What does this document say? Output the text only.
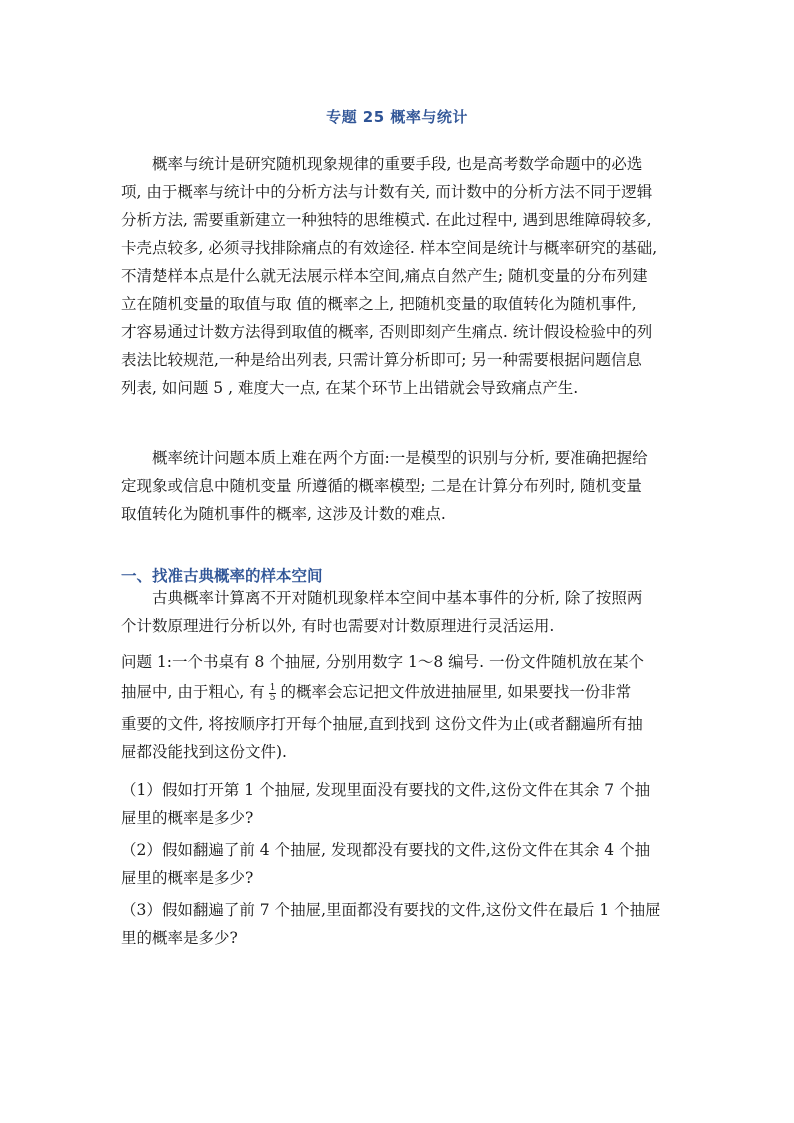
专题 25 概率与统计
概率与统计是研究随机现象规律的重要手段, 也是高考数学命题中的必选
项, 由于概率与统计中的分析方法与计数有关, 而计数中的分析方法不同于逻辑
分析方法, 需要重新建立一种独特的思维模式. 在此过程中, 遇到思维障碍较多,
卡壳点较多, 必须寻找排除痛点的有效途径. 样本空间是统计与概率研究的基础,
不清楚样本点是什么就无法展示样本空间,痛点自然产生; 随机变量的分布列建
立在随机变量的取值与取 值的概率之上, 把随机变量的取值转化为随机事件,
才容易通过计数方法得到取值的概率, 否则即刻产生痛点. 统计假设检验中的列
表法比较规范,一种是给出列表, 只需计算分析即可; 另一种需要根据问题信息
列表, 如问题 5 , 难度大一点, 在某个环节上出错就会导致痛点产生.
概率统计问题本质上难在两个方面:一是模型的识别与分析, 要准确把握给
定现象或信息中随机变量 所遵循的概率模型; 二是在计算分布列时, 随机变量
取值转化为随机事件的概率, 这涉及计数的难点.
一、找准古典概率的样本空间
古典概率计算离不开对随机现象样本空间中基本事件的分析, 除了按照两
个计数原理进行分析以外, 有时也需要对计数原理进行灵活运用.
问题 1:一个书桌有 8 个抽屉, 分别用数字 1～8 编号. 一份文件随机放在某个
抽屉中, 由于粗心, 有 $\frac{1}{5}$ 的概率会忘记把文件放进抽屉里, 如果要找一份非常
重要的文件, 将按顺序打开每个抽屉,直到找到 这份文件为止(或者翻遍所有抽
屉都没能找到这份文件).
（1）假如打开第 1 个抽屉, 发现里面没有要找的文件,这份文件在其余 7 个抽
屉里的概率是多少?
（2）假如翻遍了前 4 个抽屉, 发现都没有要找的文件,这份文件在其余 4 个抽
屉里的概率是多少?
（3）假如翻遍了前 7 个抽屉,里面都没有要找的文件,这份文件在最后 1 个抽屉
里的概率是多少?
